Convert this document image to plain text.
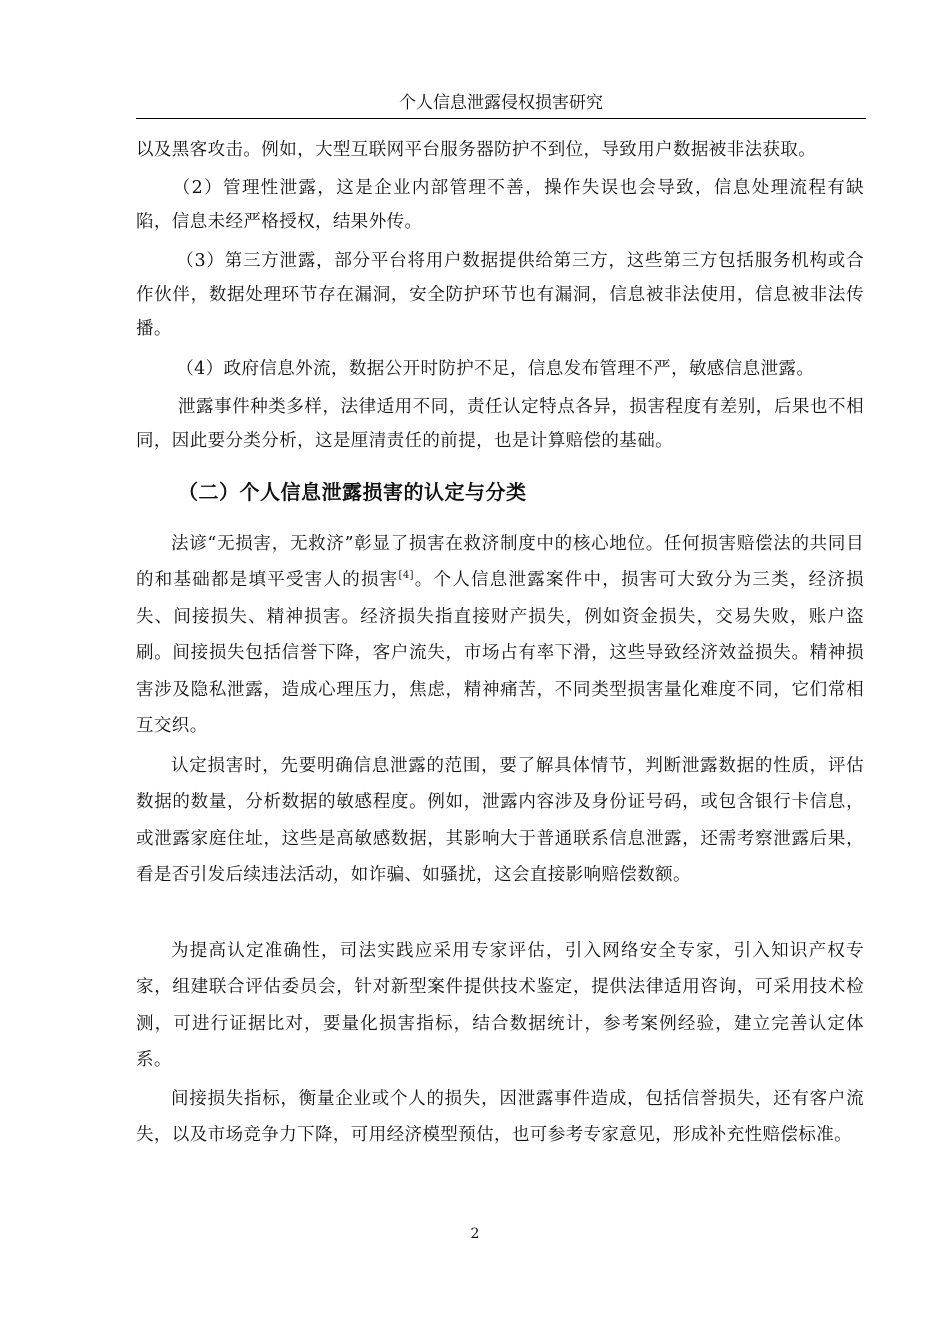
个人信息泄露侵权损害研究

以及黑客攻击。例如，大型互联网平台服务器防护不到位，导致用户数据被非法获取。

（2）管理性泄露，这是企业内部管理不善，操作失误也会导致，信息处理流程有缺陷，信息未经严格授权，结果外传。

（3）第三方泄露，部分平台将用户数据提供给第三方，这些第三方包括服务机构或合作伙伴，数据处理环节存在漏洞，安全防护环节也有漏洞，信息被非法使用，信息被非法传播。

（4）政府信息外流，数据公开时防护不足，信息发布管理不严，敏感信息泄露。

泄露事件种类多样，法律适用不同，责任认定特点各异，损害程度有差别，后果也不相同，因此要分类分析，这是厘清责任的前提，也是计算赔偿的基础。

（二）个人信息泄露损害的认定与分类

法谚“无损害，无救济”彰显了损害在救济制度中的核心地位。任何损害赔偿法的共同目的和基础都是填平受害人的损害[4]。个人信息泄露案件中，损害可大致分为三类，经济损失、间接损失、精神损害。经济损失指直接财产损失，例如资金损失，交易失败，账户盗刷。间接损失包括信誉下降，客户流失，市场占有率下滑，这些导致经济效益损失。精神损害涉及隐私泄露，造成心理压力，焦虑，精神痛苦，不同类型损害量化难度不同，它们常相互交织。

认定损害时，先要明确信息泄露的范围，要了解具体情节，判断泄露数据的性质，评估数据的数量，分析数据的敏感程度。例如，泄露内容涉及身份证号码，或包含银行卡信息，或泄露家庭住址，这些是高敏感数据，其影响大于普通联系信息泄露，还需考察泄露后果，看是否引发后续违法活动，如诈骗、如骚扰，这会直接影响赔偿数额。

为提高认定准确性，司法实践应采用专家评估，引入网络安全专家，引入知识产权专家，组建联合评估委员会，针对新型案件提供技术鉴定，提供法律适用咨询，可采用技术检测，可进行证据比对，要量化损害指标，结合数据统计，参考案例经验，建立完善认定体系。

间接损失指标，衡量企业或个人的损失，因泄露事件造成，包括信誉损失，还有客户流失，以及市场竞争力下降，可用经济模型预估，也可参考专家意见，形成补充性赔偿标准。

2
